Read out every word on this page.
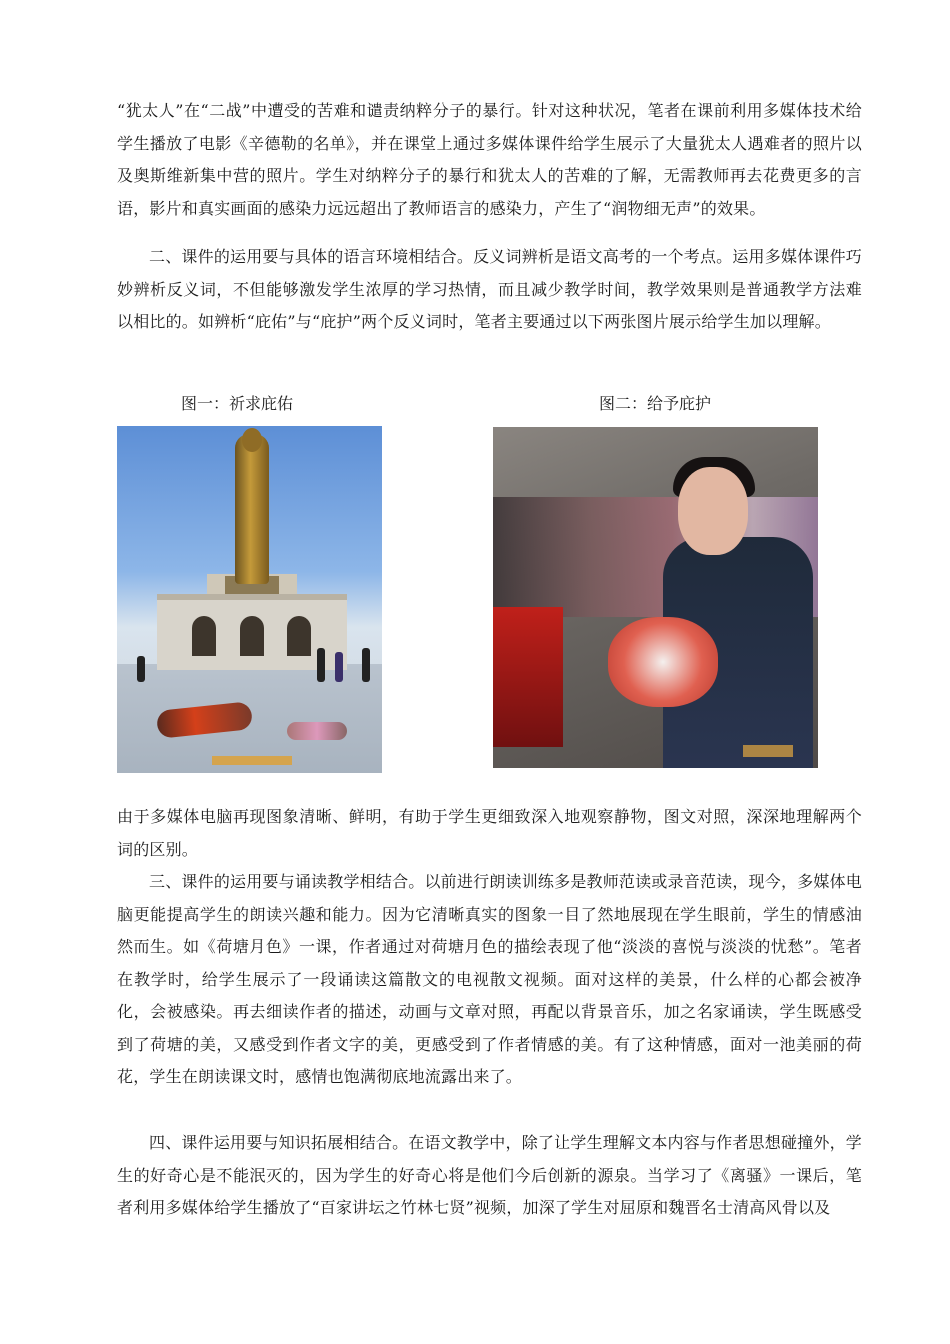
“犹太人”在“二战”中遭受的苦难和谴责纳粹分子的暴行。针对这种状况，笔者在课前利用多媒体技术给学生播放了电影《辛德勒的名单》，并在课堂上通过多媒体课件给学生展示了大量犹太人遇难者的照片以及奥斯维新集中营的照片。学生对纳粹分子的暴行和犹太人的苦难的了解，无需教师再去花费更多的言语，影片和真实画面的感染力远远超出了教师语言的感染力，产生了“润物细无声”的效果。

二、课件的运用要与具体的语言环境相结合。反义词辨析是语文高考的一个考点。运用多媒体课件巧妙辨析反义词，不但能够激发学生浓厚的学习热情，而且减少教学时间，教学效果则是普通教学方法难以相比的。如辨析“庇佑”与“庇护”两个反义词时，笔者主要通过以下两张图片展示给学生加以理解。

图一：祈求庇佑	图二：给予庇护

由于多媒体电脑再现图象清晰、鲜明，有助于学生更细致深入地观察静物，图文对照，深深地理解两个词的区别。

三、课件的运用要与诵读教学相结合。以前进行朗读训练多是教师范读或录音范读，现今，多媒体电脑更能提高学生的朗读兴趣和能力。因为它清晰真实的图象一目了然地展现在学生眼前，学生的情感油然而生。如《荷塘月色》一课，作者通过对荷塘月色的描绘表现了他“淡淡的喜悦与淡淡的忧愁”。笔者在教学时，给学生展示了一段诵读这篇散文的电视散文视频。面对这样的美景，什么样的心都会被净化，会被感染。再去细读作者的描述，动画与文章对照，再配以背景音乐，加之名家诵读，学生既感受到了荷塘的美，又感受到作者文字的美，更感受到了作者情感的美。有了这种情感，面对一池美丽的荷花，学生在朗读课文时，感情也饱满彻底地流露出来了。

四、课件运用要与知识拓展相结合。在语文教学中，除了让学生理解文本内容与作者思想碰撞外，学生的好奇心是不能泯灭的，因为学生的好奇心将是他们今后创新的源泉。当学习了《离骚》一课后，笔者利用多媒体给学生播放了“百家讲坛之竹林七贤”视频，加深了学生对屈原和魏晋名士清高风骨以及
